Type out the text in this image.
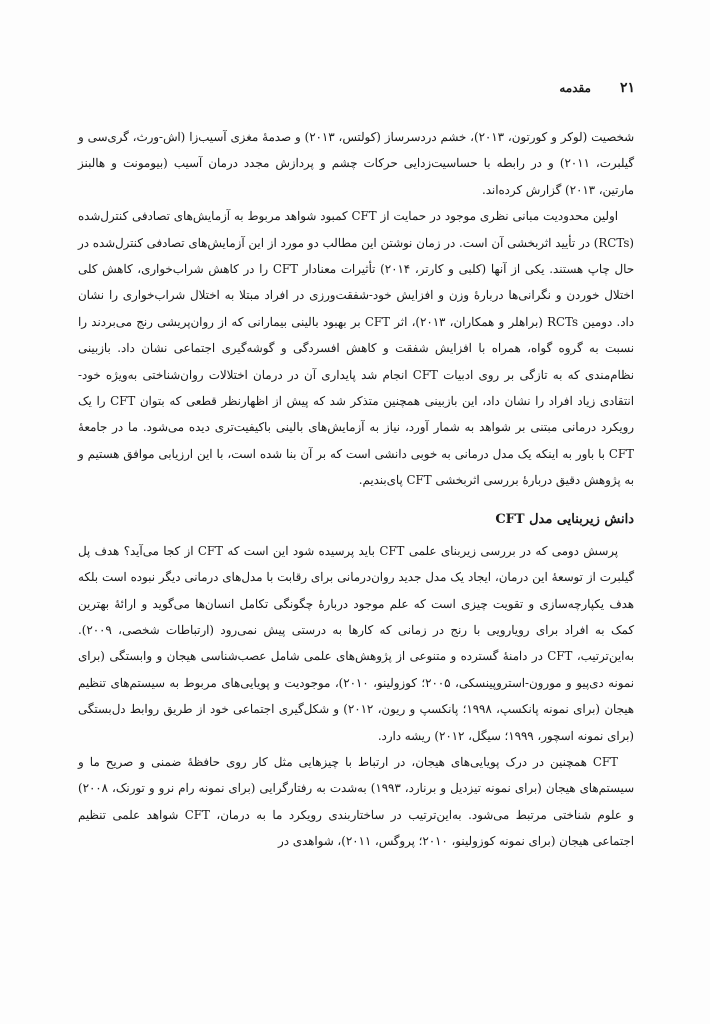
۲۱
مقدمه

شخصیت (لوکر و کورتون، ۲۰۱۳)، خشم دردسرساز (کولتس، ۲۰۱۳) و صدمهٔ مغزی آسیب‌زا (اش-ورث، گری‌سی و گیلبرت، ۲۰۱۱) و در رابطه با حساسیت‌زدایی حرکات چشم و پردازش مجدد درمان آسیب (بیومونت و هالبنز مارتین، ۲۰۱۳) گزارش کرده‌اند.

اولین محدودیت مبانی نظری موجود در حمایت از CFT کمبود شواهد مربوط به آزمایش‌های تصادفی کنترل‌شده (RCTs) در تأیید اثربخشی آن است. در زمان نوشتن این مطالب دو مورد از این آزمایش‌های تصادفی کنترل‌شده در حال چاپ هستند. یکی از آنها (کلبی و کارتر، ۲۰۱۴) تأثیرات معنادار CFT را در کاهش شراب‌خواری، کاهش کلی اختلال خوردن و نگرانی‌ها دربارهٔ وزن و افزایش خود-شفقت‌ورزی در افراد مبتلا به اختلال شراب‌خواری را نشان داد. دومین RCTs (براهلر و همکاران، ۲۰۱۳)، اثر CFT بر بهبود بالینی بیمارانی که از روان‌پریشی رنج می‌بردند را نسبت به گروه گواه، همراه با افزایش شفقت و کاهش افسردگی و گوشه‌گیری اجتماعی نشان داد. بازبینی نظام‌مندی که به تازگی بر روی ادبیات CFT انجام شد پایداری آن در درمان اختلالات روان‌شناختی به‌ویژه خود-انتقادی زیاد افراد را نشان داد، این بازبینی همچنین متذکر شد که پیش از اظهارنظر قطعی که بتوان CFT را یک رویکرد درمانی مبتنی بر شواهد به شمار آورد، نیاز به آزمایش‌های بالینی باکیفیت‌تری دیده می‌شود. ما در جامعهٔ CFT با باور به اینکه یک مدل درمانی به خوبی دانشی است که بر آن بنا شده است، با این ارزیابی موافق هستیم و به پژوهش دقیق دربارهٔ بررسی اثربخشی CFT پای‌بندیم.

دانش زیربنایی مدل CFT

پرسش دومی که در بررسی زیربنای علمی CFT باید پرسیده شود این است که CFT از کجا می‌آید؟ هدف پل گیلبرت از توسعهٔ این درمان، ایجاد یک مدل جدید روان‌درمانی برای رقابت با مدل‌های درمانی دیگر نبوده است بلکه هدف یکپارچه‌سازی و تقویت چیزی است که علم موجود دربارهٔ چگونگی تکامل انسان‌ها می‌گوید و ارائهٔ بهترین کمک به افراد برای رویارویی با رنج در زمانی که کارها به درستی پیش نمی‌رود (ارتباطات شخصی، ۲۰۰۹). به‌این‌ترتیب، CFT در دامنهٔ گسترده و متنوعی از پژوهش‌های علمی شامل عصب‌شناسی هیجان و وابستگی (برای نمونه دی‌پیو و مورون-استروپینسکی، ۲۰۰۵؛ کوزولینو، ۲۰۱۰)، موجودیت و پویایی‌های مربوط به سیستم‌های تنظیم هیجان (برای نمونه پانکسپ، ۱۹۹۸؛ پانکسپ و ریون، ۲۰۱۲) و شکل‌گیری اجتماعی خود از طریق روابط دل‌بستگی (برای نمونه اسچور، ۱۹۹۹؛ سیگل، ۲۰۱۲) ریشه دارد.

CFT همچنین در درک پویایی‌های هیجان، در ارتباط با چیزهایی مثل کار روی حافظهٔ ضمنی و صریح ما و سیستم‌های هیجان (برای نمونه تیزدیل و برنارد، ۱۹۹۳) به‌شدت به رفتارگرایی (برای نمونه رام نرو و تورنک، ۲۰۰۸) و علوم شناختی مرتبط می‌شود. به‌این‌ترتیب در ساختاربندی رویکرد ما به درمان، CFT شواهد علمی تنظیم اجتماعی هیجان (برای نمونه کوزولینو، ۲۰۱۰؛ پروگس، ۲۰۱۱)، شواهدی در
